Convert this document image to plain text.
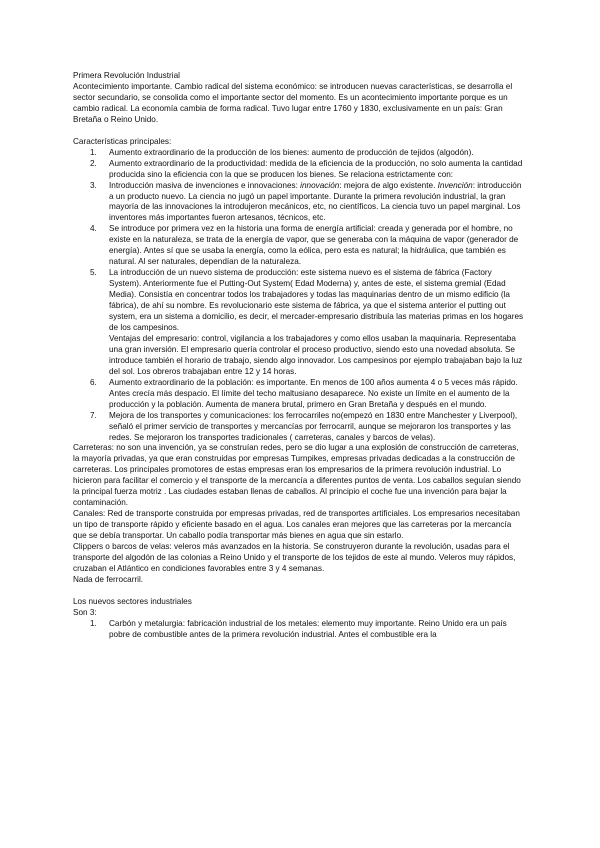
Primera Revolución Industrial

Acontecimiento importante. Cambio radical del sistema económico: se introducen nuevas características, se desarrolla el sector secundario, se consolida como el importante sector del momento. Es un acontecimiento importante porque es un cambio radical. La economía cambia de forma radical. Tuvo lugar entre 1760 y 1830, exclusivamente en un país: Gran Bretaña o Reino Unido.

Características principales:

1. Aumento extraordinario de la producción de los bienes: aumento de producción de tejidos (algodón).
2. Aumento extraordinario de la productividad: medida de la eficiencia de la producción, no solo aumenta la cantidad producida sino la eficiencia con la que se producen los bienes. Se relaciona estrictamente con:
3. Introducción masiva de invenciones e innovaciones: innovación: mejora de algo existente. Invención: introducción a un producto nuevo. La ciencia no jugó un papel importante. Durante la primera revolución industrial, la gran mayoría de las innovaciones la introdujeron mecánicos, etc, no científicos. La ciencia tuvo un papel marginal. Los inventores más importantes fueron artesanos, técnicos, etc.
4. Se introduce por primera vez en la historia una forma de energía artificial: creada y generada por el hombre, no existe en la naturaleza, se trata de la energía de vapor, que se generaba con la máquina de vapor (generador de energía). Antes sí que se usaba la energía, como la eólica, pero esta es natural; la hidráulica, que también es natural. Al ser naturales, dependían de la naturaleza.
5. La introducción de un nuevo sistema de producción: este sistema nuevo es el sistema de fábrica (Factory System). Anteriormente fue el Putting-Out System( Edad Moderna) y, antes de este, el sistema gremial (Edad Media). Consistía en concentrar todos los trabajadores y todas las maquinarias dentro de un mismo edificio (la fábrica), de ahí su nombre. Es revolucionario este sistema de fábrica, ya que el sistema anterior el putting out system, era un sistema a domicilio, es decir, el mercader-empresario distribuía las materias primas en los hogares de los campesinos.

Ventajas del empresario: control, vigilancia a los trabajadores y como ellos usaban la maquinaria. Representaba una gran inversión. El empresario quería controlar el proceso productivo, siendo esto una novedad absoluta. Se introduce también el horario de trabajo, siendo algo innovador. Los campesinos por ejemplo trabajaban bajo la luz del sol. Los obreros trabajaban entre 12 y 14 horas.

6. Aumento extraordinario de la población: es importante. En menos de 100 años aumenta 4 o 5 veces más rápido. Antes crecía más despacio. El límite del techo maltusiano desaparece. No existe un límite en el aumento de la producción y la población. Aumenta de manera brutal, primero en Gran Bretaña y después en el mundo.
7. Mejora de los transportes y comunicaciones: los ferrocarriles no(empezó en 1830 entre Manchester y Liverpool), señaló el primer servicio de transportes y mercancías por ferrocarril, aunque se mejoraron los transportes y las redes. Se mejoraron los transportes tradicionales ( carreteras, canales y barcos de velas).

Carreteras: no son una invención, ya se construían redes, pero se dio lugar a una explosión de construcción de carreteras, la mayoría privadas, ya que eran construidas por empresas Turnpikes, empresas privadas dedicadas a la construcción de carreteras. Los principales promotores de estas empresas eran los empresarios de la primera revolución industrial. Lo hicieron para facilitar el comercio y el transporte de la mercancía a diferentes puntos de venta. Los caballos seguían siendo la principal fuerza motriz . Las ciudades estaban llenas de caballos. Al principio el coche fue una invención para bajar la contaminación.

Canales: Red de transporte construida por empresas privadas, red de transportes artificiales. Los empresarios necesitaban un tipo de transporte rápido y eficiente basado en el agua. Los canales eran mejores que las carreteras por la mercancía que se debía transportar. Un caballo podía transportar más bienes en agua que sin estarlo.

Clippers o barcos de velas: veleros más avanzados en la historia. Se construyeron durante la revolución, usadas para el transporte del algodón de las colonias a Reino Unido y el transporte de los tejidos de este al mundo. Veleros muy rápidos, cruzaban el Atlántico en condiciones favorables entre 3 y 4 semanas.

Nada de ferrocarril.

Los nuevos sectores industriales

Son 3:

1. Carbón y metalurgia: fabricación industrial de los metales: elemento muy importante. Reino Unido era un país pobre de combustible antes de la primera revolución industrial. Antes el combustible era la
